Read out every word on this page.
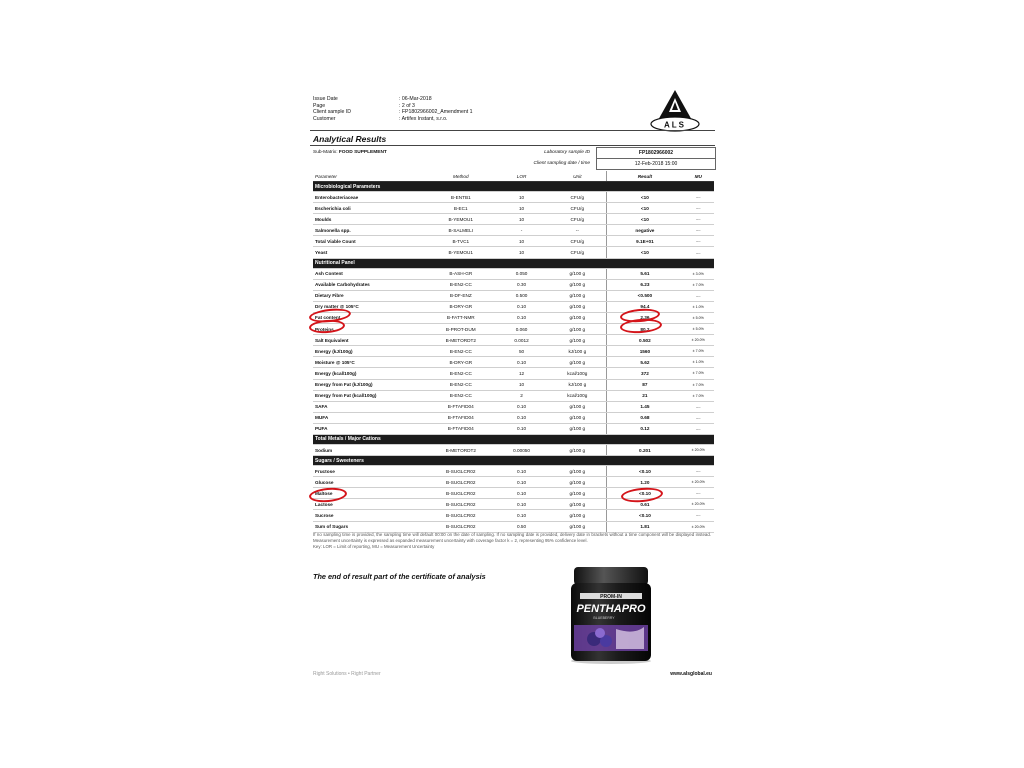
Issue Date	: 06-Mar-2018
Page	: 2 of 3
Client sample ID	: FP1802966002_Amendment 1
Customer	: Artifex Instant, s.r.o.
ALS
Analytical Results
Sub-Matrix: FOOD SUPPLEMENT	Laboratory sample ID	FP1802966002
Client sampling date / time	12-Feb-2018 15:00
Parameter	Method	LOR	Unit	Result	MU
Microbiological Parameters					
Enterobacteriaceae	B-ENTB1	10	CFU/g	<10	----
Escherichia coli	B-EC1	10	CFU/g	<10	----
Moulds	B-YEMOU1	10	CFU/g	<10	----
Salmonella spp.	B-SALMELI	-	--	negative	----
Total Viable Count	B-TVC1	10	CFU/g	9.1E+01	----
Yeast	B-YEMOU1	10	CFU/g	<10	----
Nutritional Panel					
Ash Content	B-ASH-GR	0.050	g/100 g	5.61	± 3.0%
Available Carbohydrates	B-EN2-CC	0.30	g/100 g	6.23	± 7.0%
Dietary Fibre	B-DF-ENZ	0.500	g/100 g	<0.500	----
Dry matter @ 105°C	B-DRY-GR	0.10	g/100 g	94.4	± 1.0%
Fat content	B-FATT-NMR	0.10	g/100 g	2.36	± 5.0%
Proteins	B-PROT-DUM	0.060	g/100 g	80.2	± 5.0%
Salt Equivalent	B-METORDT2	0.0012	g/100 g	0.502	± 20.0%
Energy (kJ/100g)	B-EN2-CC	50	kJ/100 g	1560	± 7.0%
Moisture @ 105°C	B-DRY-GR	0.10	g/100 g	5.62	± 1.0%
Energy (kcal/100g)	B-EN2-CC	12	kcal/100g	372	± 7.0%
Energy from Fat (kJ/100g)	B-EN2-CC	10	kJ/100 g	87	± 7.0%
Energy from Fat (kcal/100g)	B-EN2-CC	2	kcal/100g	21	± 7.0%
SAFA	B-FTAFID04	0.10	g/100 g	1.45	----
MUFA	B-FTAFID04	0.10	g/100 g	0.68	----
PUFA	B-FTAFID04	0.10	g/100 g	0.12	----
Total Metals / Major Cations					
Sodium	B-METORDT2	0.00050	g/100 g	0.201	± 20.0%
Sugars / Sweeteners					
Fructose	B-SUGLCR02	0.10	g/100 g	<0.10	----
Glucose	B-SUGLCR02	0.10	g/100 g	1.20	± 20.0%
Maltose	B-SUGLCR02	0.10	g/100 g	<0.10	----
Lactose	B-SUGLCR02	0.10	g/100 g	0.61	± 20.0%
Sucrose	B-SUGLCR02	0.10	g/100 g	<0.10	----
Sum of Sugars	B-SUGLCR02	0.50	g/100 g	1.81	± 20.0%
If no sampling time is provided, the sampling time will default 00:00 on the date of sampling. If no sampling date is provided, delivery date in brackets without a time component will be displayed instead. Measurement uncertainty is expressed as expanded measurement uncertainty with coverage factor k = 2, representing 95% confidence level.
Key: LOR = Limit of reporting, MU = Measurement Uncertainty
The end of result part of the certificate of analysis
PROM-IN
PENTHAPRO
BLUEBERRY
Right Solutions • Right Partner	www.alsglobal.eu
